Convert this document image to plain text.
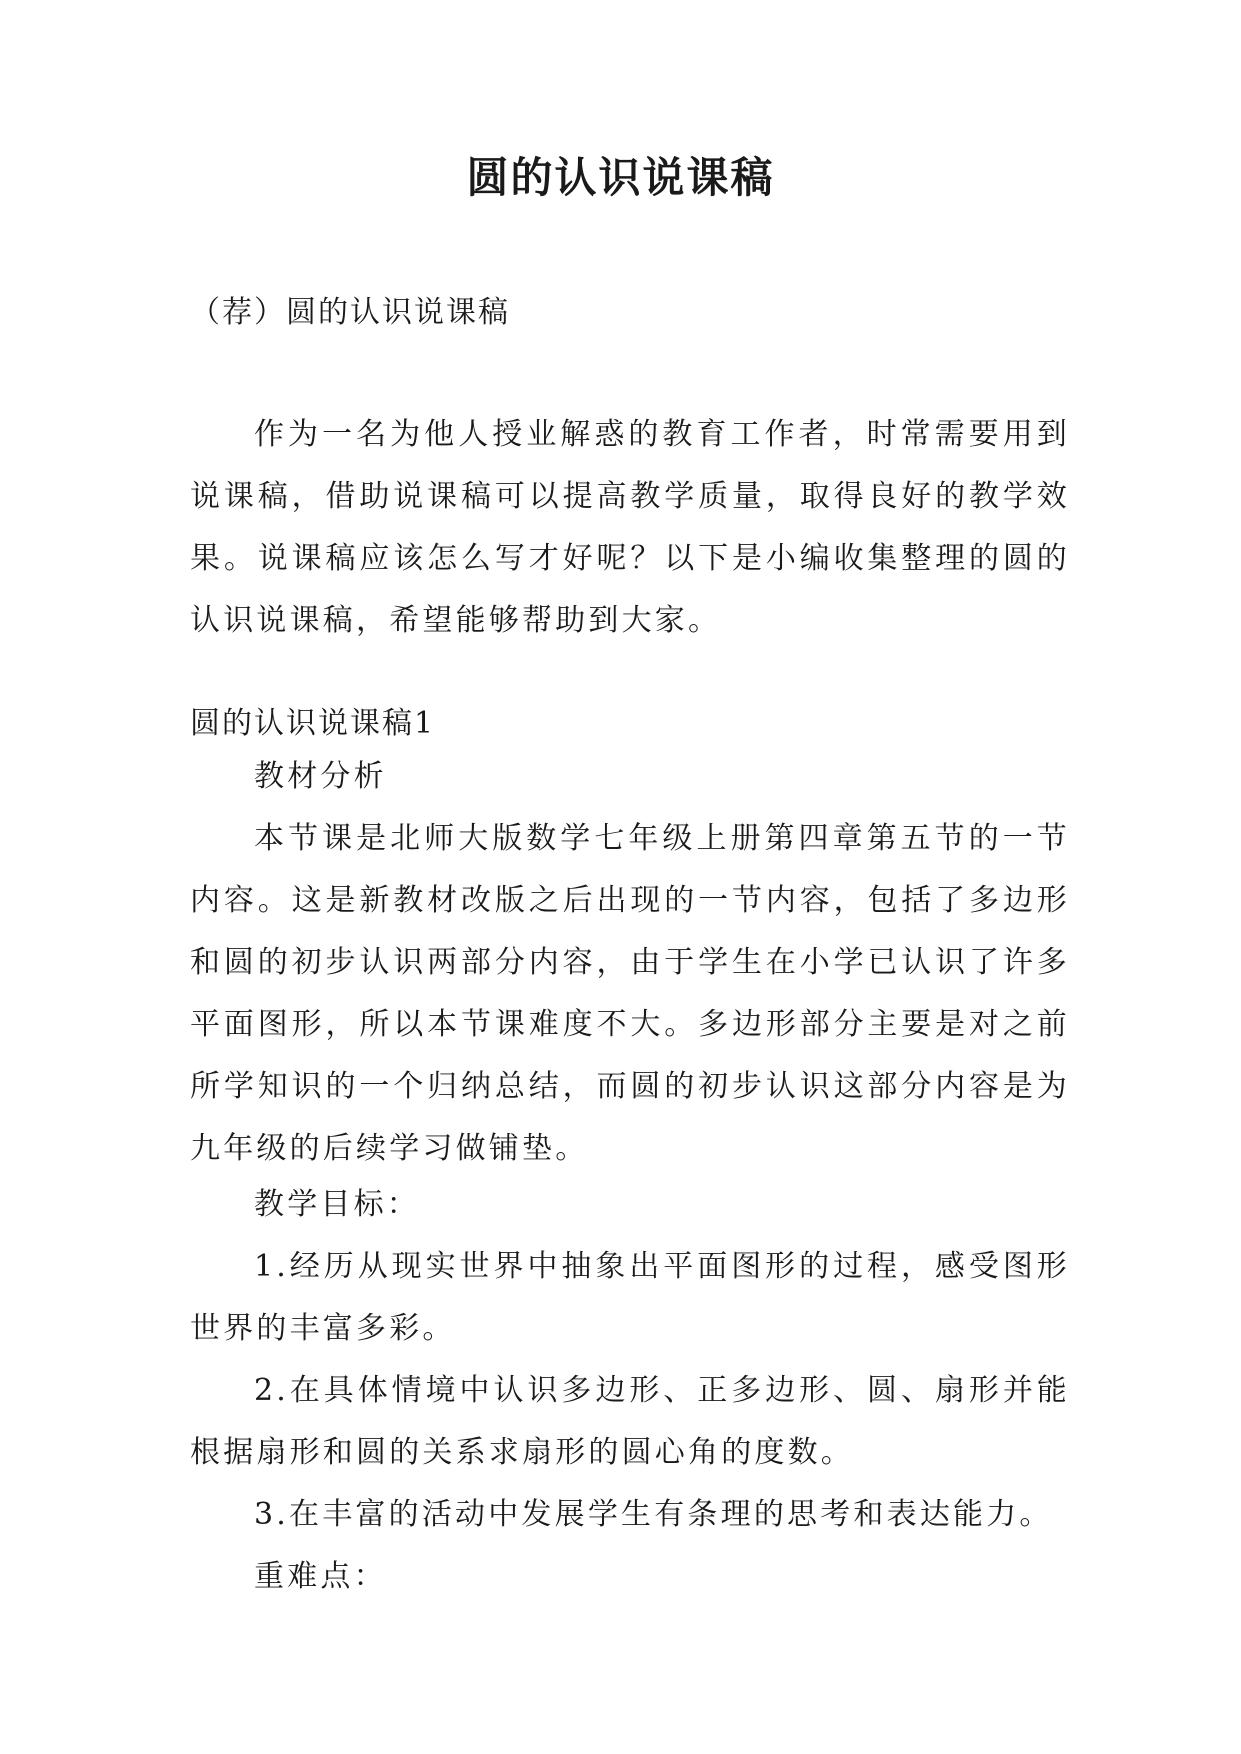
圆的认识说课稿

（荐）圆的认识说课稿

作为一名为他人授业解惑的教育工作者，时常需要用到说课稿，借助说课稿可以提高教学质量，取得良好的教学效果。说课稿应该怎么写才好呢？以下是小编收集整理的圆的认识说课稿，希望能够帮助到大家。

圆的认识说课稿1

教材分析

本节课是北师大版数学七年级上册第四章第五节的一节内容。这是新教材改版之后出现的一节内容，包括了多边形和圆的初步认识两部分内容，由于学生在小学已认识了许多平面图形，所以本节课难度不大。多边形部分主要是对之前所学知识的一个归纳总结，而圆的初步认识这部分内容是为九年级的后续学习做铺垫。

教学目标：

1.经历从现实世界中抽象出平面图形的过程，感受图形世界的丰富多彩。

2.在具体情境中认识多边形、正多边形、圆、扇形并能根据扇形和圆的关系求扇形的圆心角的度数。

3.在丰富的活动中发展学生有条理的思考和表达能力。

重难点：
